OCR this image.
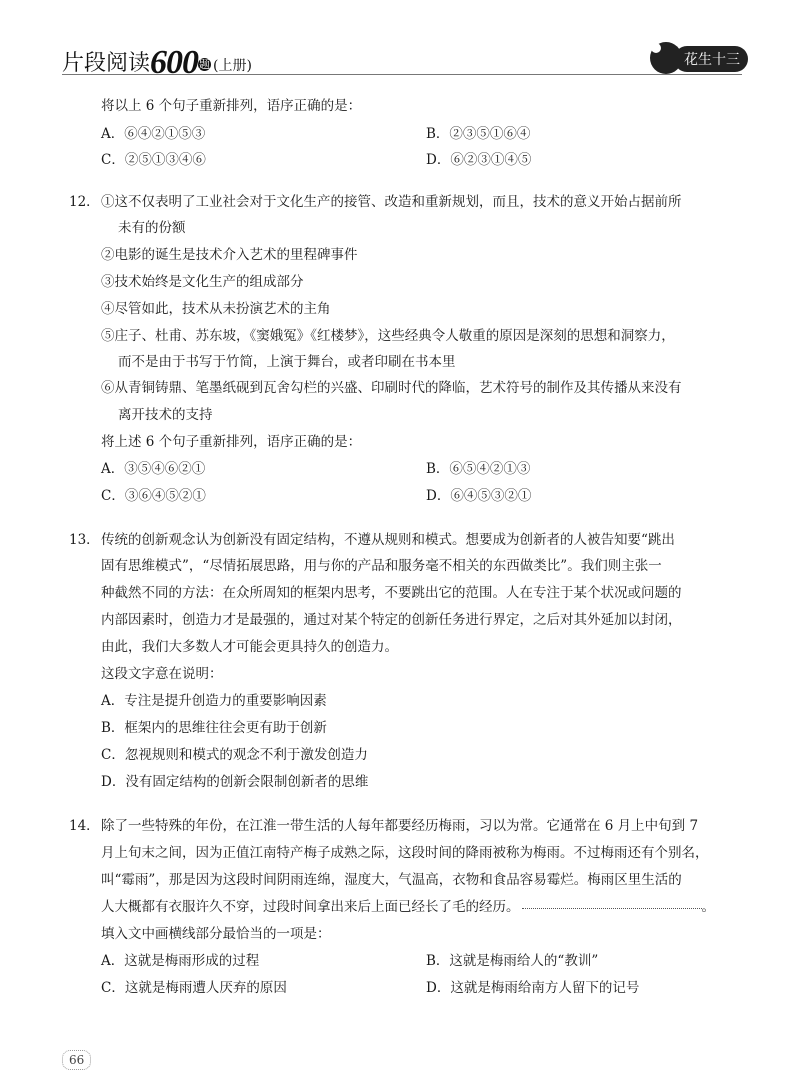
片段阅读600题 (上册)	花生十三
将以上 6 个句子重新排列，语序正确的是：
A．⑥④②①⑤③	B．②③⑤①⑥④
C．②⑤①③④⑥	D．⑥②③①④⑤
12． ①这不仅表明了工业社会对于文化生产的接管、改造和重新规划，而且，技术的意义开始占据前所
未有的份额
②电影的诞生是技术介入艺术的里程碑事件
③技术始终是文化生产的组成部分
④尽管如此，技术从未扮演艺术的主角
⑤庄子、杜甫、苏东坡，《窦娥冤》《红楼梦》，这些经典令人敬重的原因是深刻的思想和洞察力，
而不是由于书写于竹简，上演于舞台，或者印刷在书本里
⑥从青铜铸鼎、笔墨纸砚到瓦舍勾栏的兴盛、印刷时代的降临，艺术符号的制作及其传播从来没有
离开技术的支持
将上述 6 个句子重新排列，语序正确的是：
A．③⑤④⑥②①	B．⑥⑤④②①③
C．③⑥④⑤②①	D．⑥④⑤③②①
13． 传统的创新观念认为创新没有固定结构，不遵从规则和模式。想要成为创新者的人被告知要“跳出
固有思维模式”，“尽情拓展思路，用与你的产品和服务毫不相关的东西做类比”。我们则主张一
种截然不同的方法：在众所周知的框架内思考，不要跳出它的范围。人在专注于某个状况或问题的
内部因素时，创造力才是最强的，通过对某个特定的创新任务进行界定，之后对其外延加以封闭，
由此，我们大多数人才可能会更具持久的创造力。
这段文字意在说明：
A．专注是提升创造力的重要影响因素
B．框架内的思维往往会更有助于创新
C．忽视规则和模式的观念不利于激发创造力
D．没有固定结构的创新会限制创新者的思维
14． 除了一些特殊的年份，在江淮一带生活的人每年都要经历梅雨，习以为常。它通常在 6 月上中旬到 7
月上旬末之间，因为正值江南特产梅子成熟之际，这段时间的降雨被称为梅雨。不过梅雨还有个别名，
叫“霉雨”，那是因为这段时间阴雨连绵，湿度大，气温高，衣物和食品容易霉烂。梅雨区里生活的
人大概都有衣服许久不穿，过段时间拿出来后上面已经长了毛的经历。	。
填入文中画横线部分最恰当的一项是：
A．这就是梅雨形成的过程	B．这就是梅雨给人的“教训”
C．这就是梅雨遭人厌弃的原因	D．这就是梅雨给南方人留下的记号
66
